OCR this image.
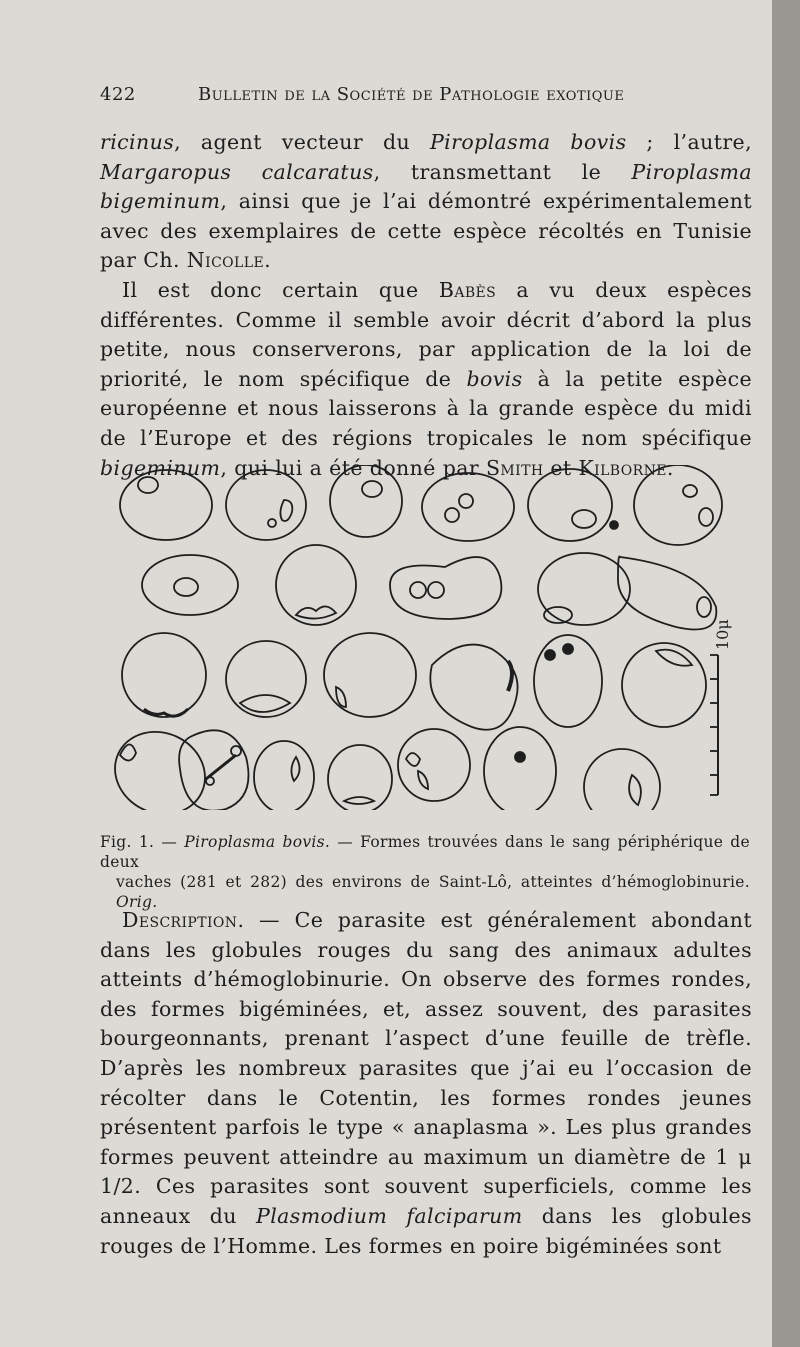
422	Bulletin de la Société de Pathologie exotique

ricinus, agent vecteur du Piroplasma bovis ; l’autre, Margaropus calcaratus, transmettant le Piroplasma bigeminum, ainsi que je l’ai démontré expérimentalement avec des exemplaires de cette espèce récoltés en Tunisie par Ch. Nicolle.

Il est donc certain que Babès a vu deux espèces différentes. Comme il semble avoir décrit d’abord la plus petite, nous conserverons, par application de la loi de priorité, le nom spécifique de bovis à la petite espèce européenne et nous laisserons à la grande espèce du midi de l’Europe et des régions tropicales le nom spécifique bigeminum, qui lui a été donné par Smith et Kilborne.

10μ
Fig. 1. — Piroplasma bovis. — Formes trouvées dans le sang périphérique de deux
vaches (281 et 282) des environs de Saint-Lô, atteintes d’hémoglobinurie. Orig.

Description. — Ce parasite est généralement abondant dans les globules rouges du sang des animaux adultes atteints d’hémoglobinurie. On observe des formes rondes, des formes bigéminées, et, assez souvent, des parasites bourgeonnants, prenant l’aspect d’une feuille de trèfle. D’après les nombreux parasites que j’ai eu l’occasion de récolter dans le Cotentin, les formes rondes jeunes présentent parfois le type « anaplasma ». Les plus grandes formes peuvent atteindre au maximum un diamètre de 1 μ 1/2. Ces parasites sont souvent superficiels, comme les anneaux du Plasmodium falciparum dans les globules rouges de l’Homme. Les formes en poire bigéminées sont
